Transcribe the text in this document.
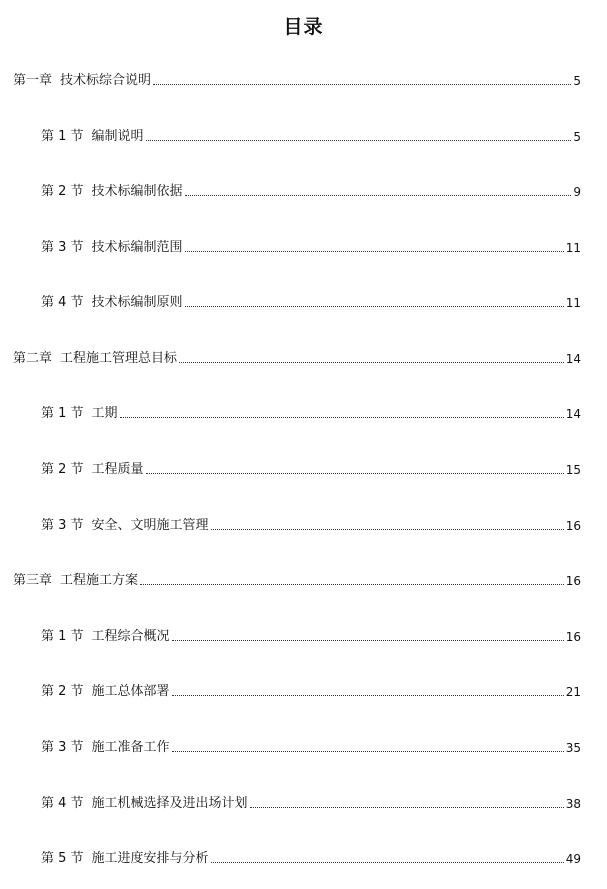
目录
第一章 技术标综合说明	5
第 1 节 编制说明	5
第 2 节 技术标编制依据	9
第 3 节 技术标编制范围	11
第 4 节 技术标编制原则	11
第二章 工程施工管理总目标	14
第 1 节 工期	14
第 2 节 工程质量	15
第 3 节 安全、文明施工管理	16
第三章 工程施工方案	16
第 1 节 工程综合概况	16
第 2 节 施工总体部署	21
第 3 节 施工准备工作	35
第 4 节 施工机械选择及进出场计划	38
第 5 节 施工进度安排与分析	49
